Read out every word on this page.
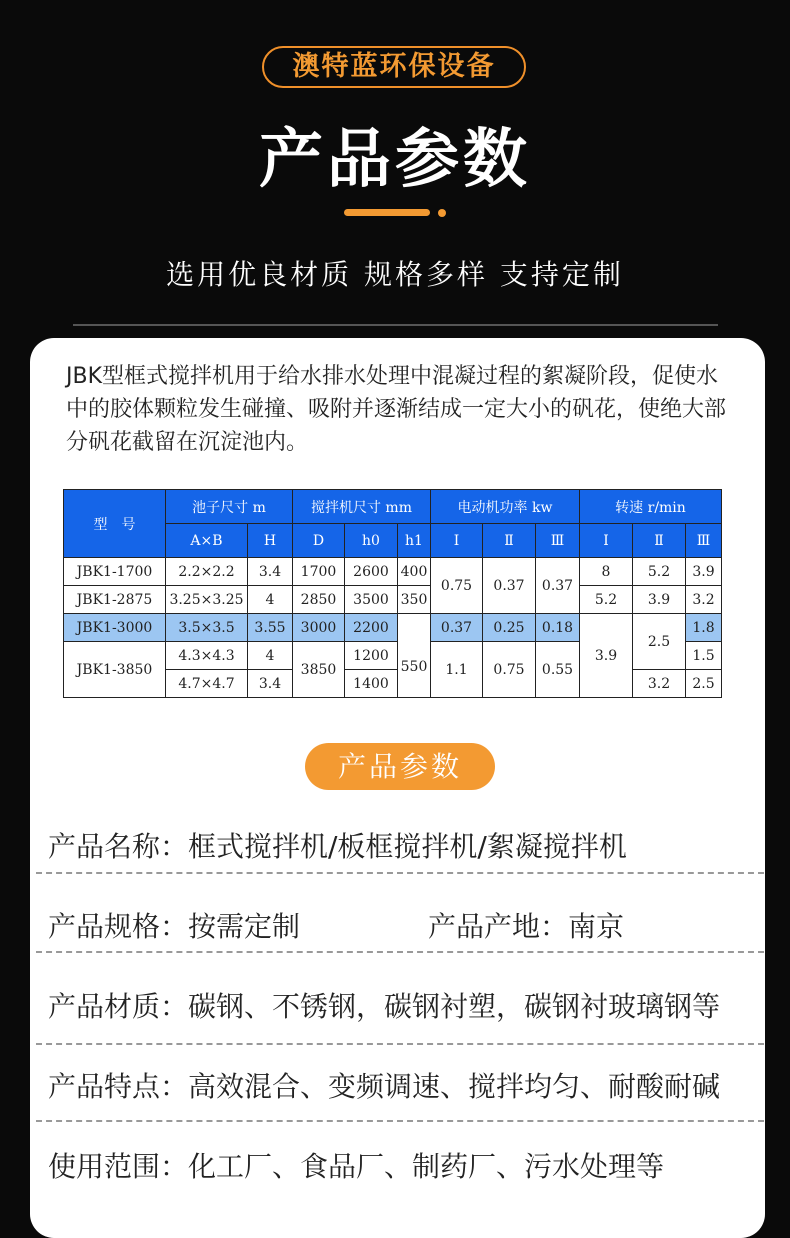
澳特蓝环保设备
产品参数
选用优良材质 规格多样 支持定制
JBK型框式搅拌机用于给水排水处理中混凝过程的絮凝阶段，促使水中的胶体颗粒发生碰撞、吸附并逐渐结成一定大小的矾花，使绝大部分矾花截留在沉淀池内。
型　号	池子尺寸 m		搅拌机尺寸 mm			电动机功率 kw			转速 r/min		
	A×B	H	D	h0	h1	Ⅰ	Ⅱ	Ⅲ	Ⅰ	Ⅱ	Ⅲ
JBK1-1700	2.2×2.2	3.4	1700	2600	400	0.75	0.37	0.37	8	5.2	3.9
JBK1-2875	3.25×3.25	4	2850	3500	350				5.2	3.9	3.2
JBK1-3000	3.5×3.5	3.55	3000	2200	550	0.37	0.25	0.18	3.9	2.5	1.8
JBK1-3850	4.3×4.3	4	3850	1200		1.1	0.75	0.55			1.5
	4.7×4.7	3.4		1400						3.2	2.5
产品参数
产品名称：框式搅拌机/板框搅拌机/絮凝搅拌机
产品规格：按需定制	产品产地：南京
产品材质：碳钢、不锈钢，碳钢衬塑，碳钢衬玻璃钢等
产品特点：高效混合、变频调速、搅拌均匀、耐酸耐碱
使用范围：化工厂、食品厂、制药厂、污水处理等
